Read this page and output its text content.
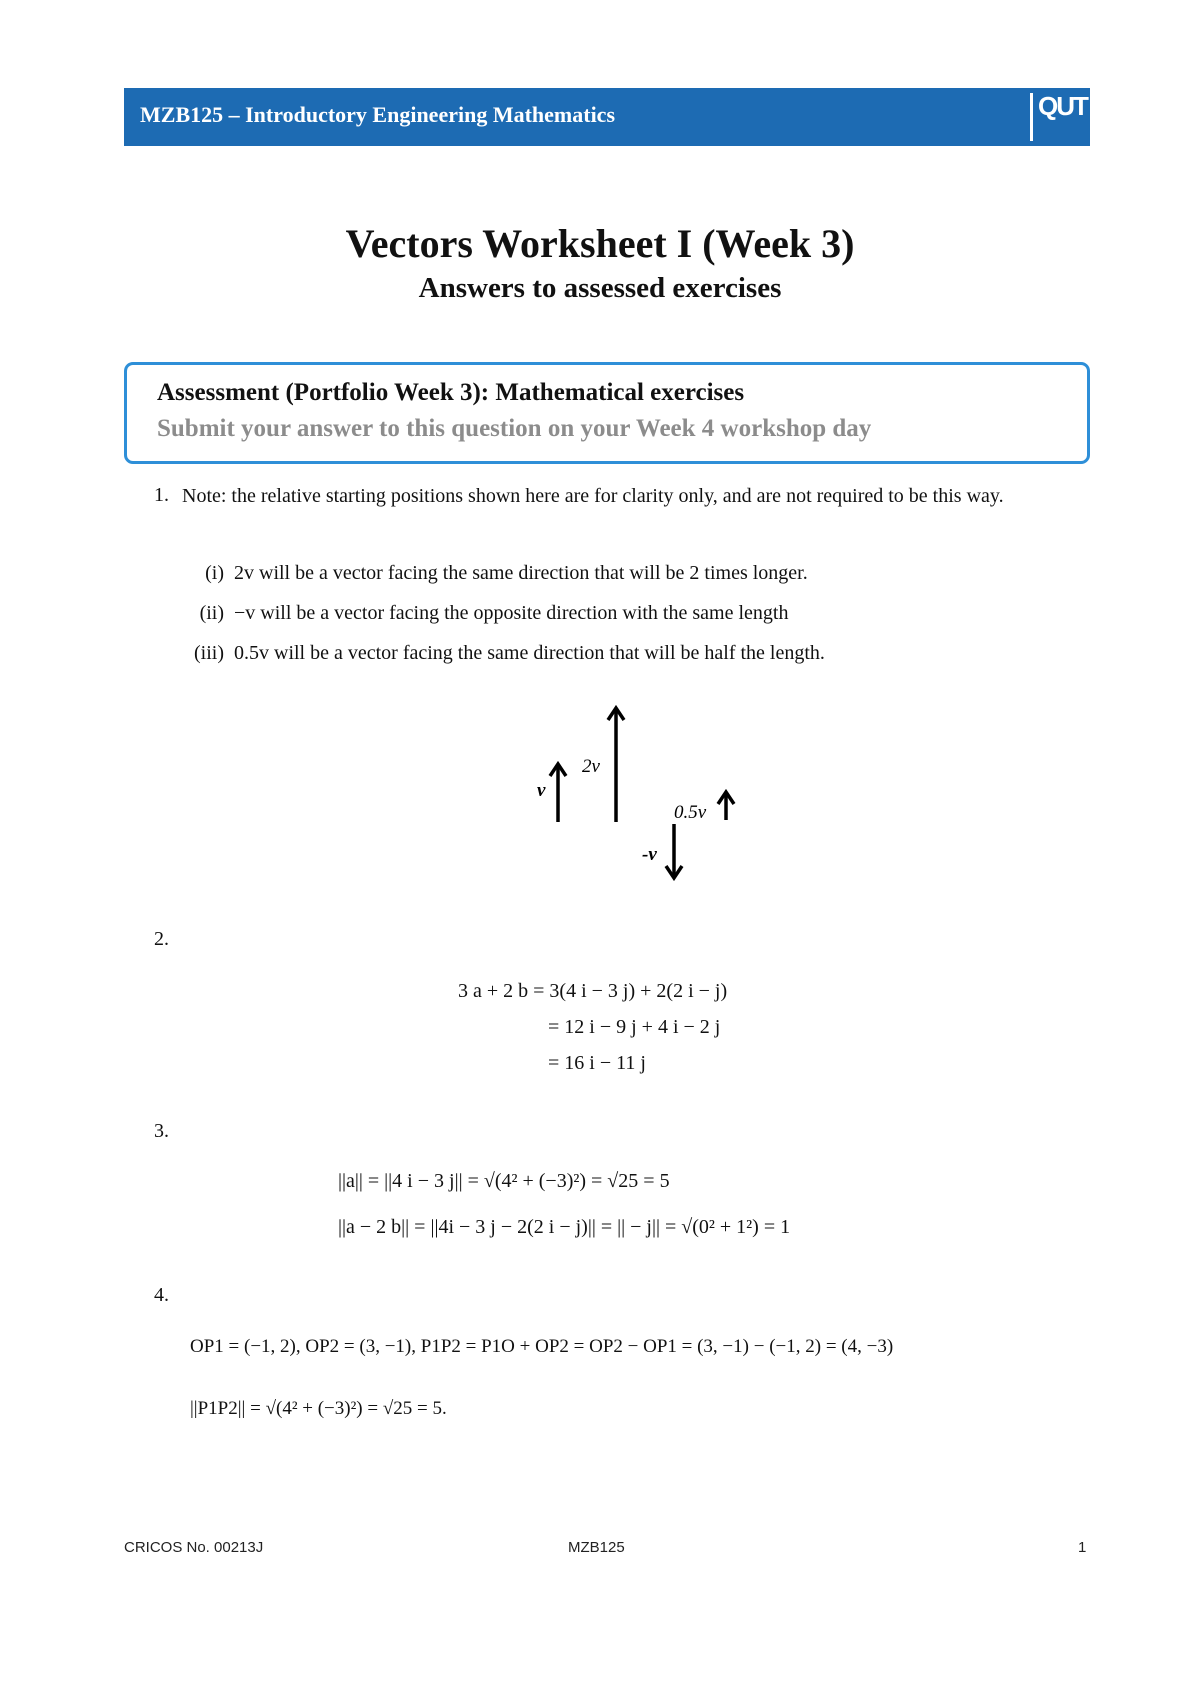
MZB125 – Introductory Engineering Mathematics	QUT
Vectors Worksheet I (Week 3)
Answers to assessed exercises
Assessment (Portfolio Week 3): Mathematical exercises
Submit your answer to this question on your Week 4 workshop day
1. Note: the relative starting positions shown here are for clarity only, and are not required to be this way.
(i) 2v will be a vector facing the same direction that will be 2 times longer.
(ii) −v will be a vector facing the opposite direction with the same length
(iii) 0.5v will be a vector facing the same direction that will be half the length.
v
2v
0.5v
-v
2.
3 a + 2 b = 3(4 i − 3 j) + 2(2 i − j)
= 12 i − 9 j + 4 i − 2 j
= 16 i − 11 j
3.
||a|| = ||4 i − 3 j|| = √(4² + (−3)²) = √25 = 5
||a − 2 b|| = ||4i − 3 j − 2(2 i − j)|| = || − j|| = √(0² + 1²) = 1
4.
OP1 = (−1, 2), OP2 = (3, −1), P1P2 = P1O + OP2 = OP2 − OP1 = (3, −1) − (−1, 2) = (4, −3)
||P1P2|| = √(4² + (−3)²) = √25 = 5.
CRICOS No. 00213J	MZB125	1
